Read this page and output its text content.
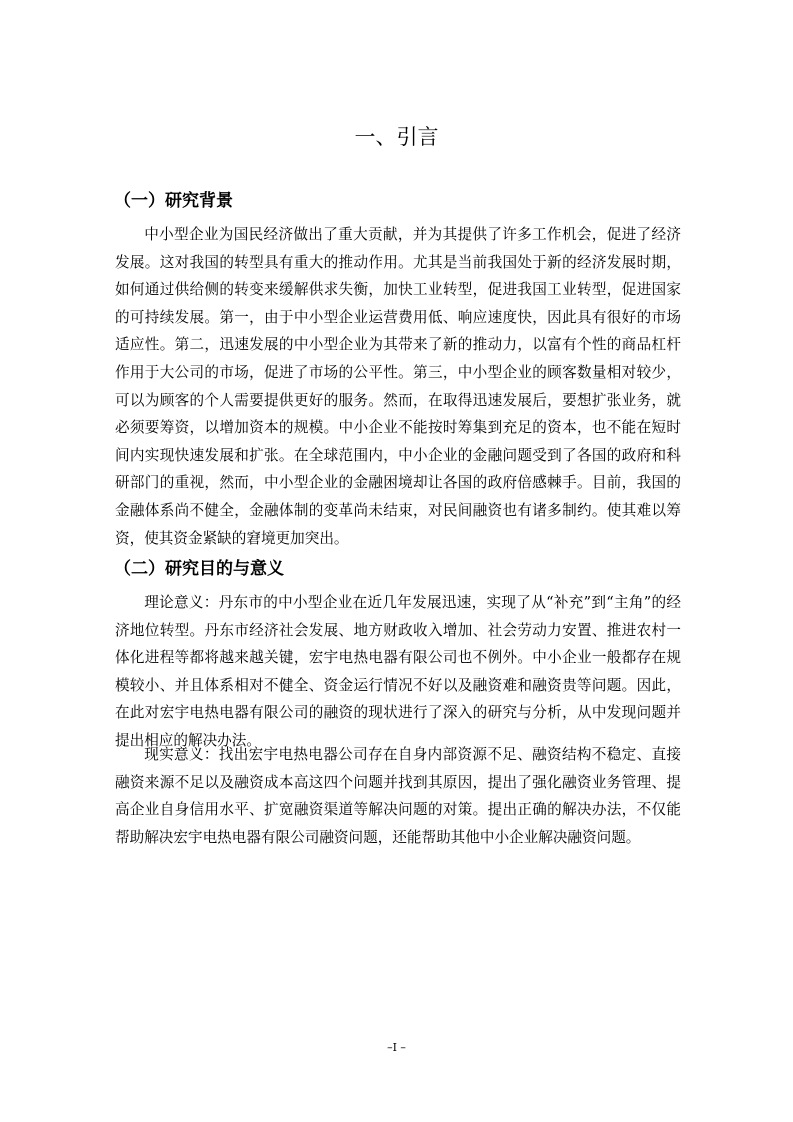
一、引言
（一）研究背景

中小型企业为国民经济做出了重大贡献，并为其提供了许多工作机会，促进了经济发展。这对我国的转型具有重大的推动作用。尤其是当前我国处于新的经济发展时期，如何通过供给侧的转变来缓解供求失衡，加快工业转型，促进我国工业转型，促进国家的可持续发展。第一，由于中小型企业运营费用低、响应速度快，因此具有很好的市场适应性。第二，迅速发展的中小型企业为其带来了新的推动力，以富有个性的商品杠杆作用于大公司的市场，促进了市场的公平性。第三，中小型企业的顾客数量相对较少，可以为顾客的个人需要提供更好的服务。然而，在取得迅速发展后，要想扩张业务，就必须要筹资，以增加资本的规模。中小企业不能按时筹集到充足的资本，也不能在短时间内实现快速发展和扩张。在全球范围内，中小企业的金融问题受到了各国的政府和科研部门的重视，然而，中小型企业的金融困境却让各国的政府倍感棘手。目前，我国的金融体系尚不健全，金融体制的变革尚未结束，对民间融资也有诸多制约。使其难以筹资，使其资金紧缺的窘境更加突出。

（二）研究目的与意义

理论意义：丹东市的中小型企业在近几年发展迅速，实现了从“补充”到“主角”的经济地位转型。丹东市经济社会发展、地方财政收入增加、社会劳动力安置、推进农村一体化进程等都将越来越关键，宏宇电热电器有限公司也不例外。中小企业一般都存在规模较小、并且体系相对不健全、资金运行情况不好以及融资难和融资贵等问题。因此，在此对宏宇电热电器有限公司的融资的现状进行了深入的研究与分析，从中发现问题并提出相应的解决办法。

现实意义：找出宏宇电热电器公司存在自身内部资源不足、融资结构不稳定、直接融资来源不足以及融资成本高这四个问题并找到其原因，提出了强化融资业务管理、提高企业自身信用水平、扩宽融资渠道等解决问题的对策。提出正确的解决办法，不仅能帮助解决宏宇电热电器有限公司融资问题，还能帮助其他中小企业解决融资问题。

–I –
